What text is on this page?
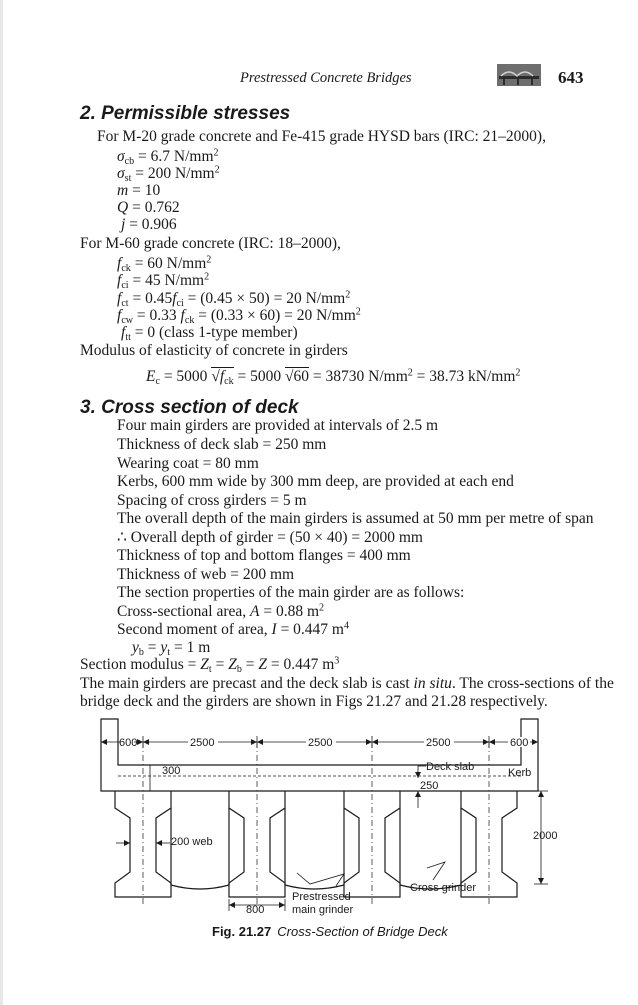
Prestressed Concrete Bridges	643
2. Permissible stresses
For M-20 grade concrete and Fe-415 grade HYSD bars (IRC: 21–2000),
$\sigma_{cb} = 6.7$ $N/mm^2$
$\sigma_{st} = 200$ $N/mm^2$
m = 10
Q = 0.762
j = 0.906
For M-60 grade concrete (IRC: 18–2000),
$f_{ck} = 60$ $N/mm^2$
$f_{ci} = 45$ $N/mm^2$
$f_{ct} = 0.45f_{ci} = (0.45 \times 50) = 20$ $N/mm^2$
$f_{cw} = 0.33$ $f_{ck} = (0.33 \times 60) = 20$ $N/mm^2$
$f_{tt} = 0$ (class 1-type member)
Modulus of elasticity of concrete in girders
$E_c = 5000$ $√f_{ck} = 5000$ √60 = 38730 $N/mm^2 = 38.73$ $kN/mm^2$
3. Cross section of deck
Four main girders are provided at intervals of 2.5 m
Thickness of deck slab = 250 mm
Wearing coat = 80 mm
Kerbs, 600 mm wide by 300 mm deep, are provided at each end
Spacing of cross girders = 5 m
The overall depth of the main girders is assumed at 50 mm per metre of span
∴ Overall depth of girder = (50 × 40) = 2000 mm
Thickness of top and bottom flanges = 400 mm
Thickness of web = 200 mm
The section properties of the main girder are as follows:
Cross-sectional area, A = 0.88 $m^2$
Second moment of area, I = 0.447 $m^4$
$y_b = y_t = 1$ m
Section modulus = $Z_t = Z_b = Z = 0.447$ $m^3$
The main girders are precast and the deck slab is cast in situ. The cross-sections of the
bridge deck and the girders are shown in Figs 21.27 and 21.28 respectively.
600	2500	2500	2500	600
300	Deck slab	Kerb
250
2000
200 web
Cross grinder
Prestressed
main grinder
800
Fig. 21.27 Cross-Section of Bridge Deck
